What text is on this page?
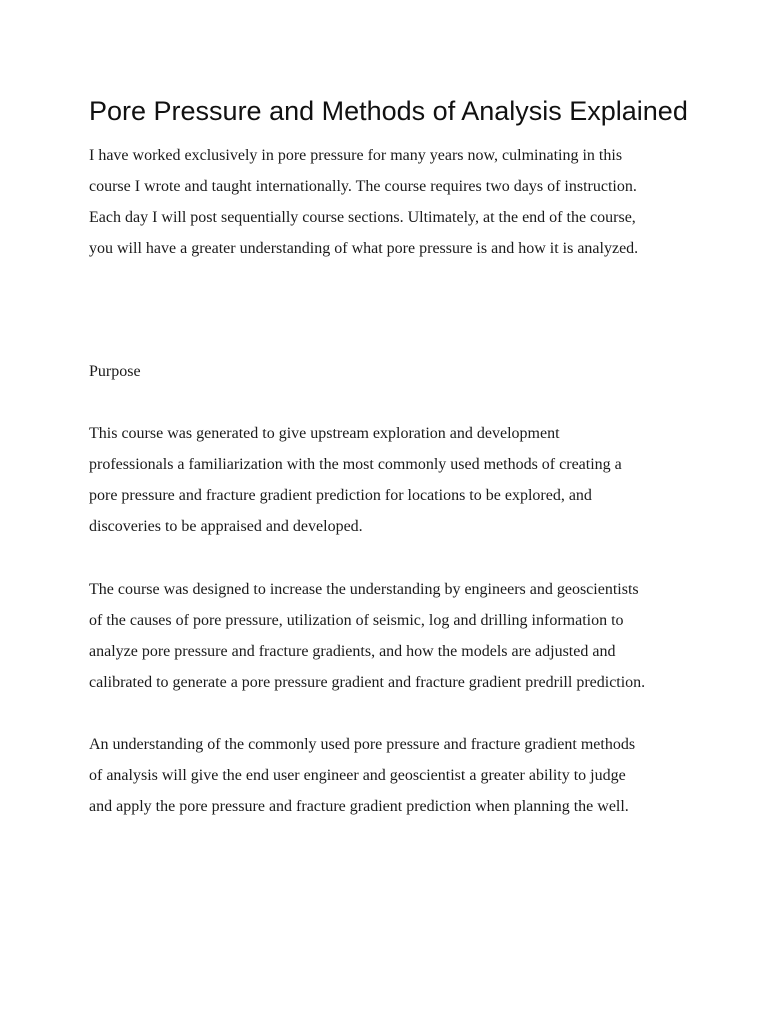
Pore Pressure and Methods of Analysis Explained

I have worked exclusively in pore pressure for many years now, culminating in this
course I wrote and taught internationally. The course requires two days of instruction.
Each day I will post sequentially course sections. Ultimately, at the end of the course,
you will have a greater understanding of what pore pressure is and how it is analyzed.

Purpose

This course was generated to give upstream exploration and development
professionals a familiarization with the most commonly used methods of creating a
pore pressure and fracture gradient prediction for locations to be explored, and
discoveries to be appraised and developed.

The course was designed to increase the understanding by engineers and geoscientists
of the causes of pore pressure, utilization of seismic, log and drilling information to
analyze pore pressure and fracture gradients, and how the models are adjusted and
calibrated to generate a pore pressure gradient and fracture gradient predrill prediction.

An understanding of the commonly used pore pressure and fracture gradient methods
of analysis will give the end user engineer and geoscientist a greater ability to judge
and apply the pore pressure and fracture gradient prediction when planning the well.
